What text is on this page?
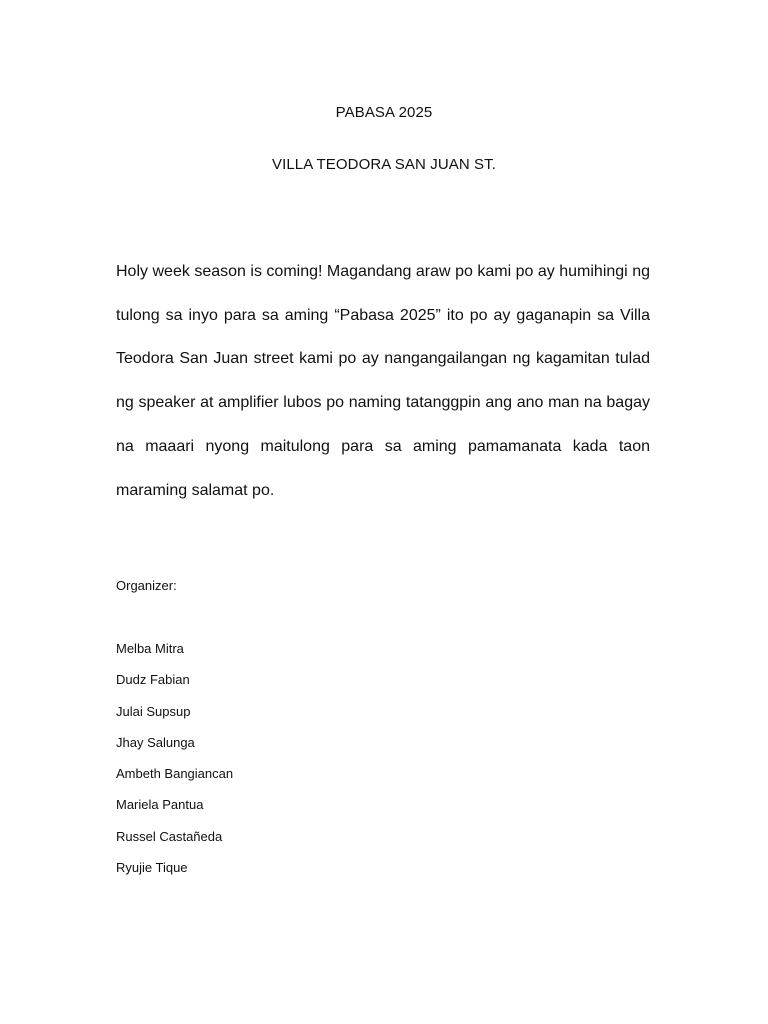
PABASA 2025
VILLA TEODORA SAN JUAN ST.

Holy week season is coming! Magandang araw po kami po ay humihingi ng tulong sa inyo para sa aming “Pabasa 2025” ito po ay gaganapin sa Villa Teodora San Juan street kami po ay nangangailangan ng kagamitan tulad ng speaker at amplifier lubos po naming tatanggpin ang ano man na bagay na maaari nyong maitulong para sa aming pamamanata kada taon maraming salamat po.

Organizer:
Melba Mitra
Dudz Fabian
Julai Supsup
Jhay Salunga
Ambeth Bangiancan
Mariela Pantua
Russel Castañeda
Ryujie Tique
